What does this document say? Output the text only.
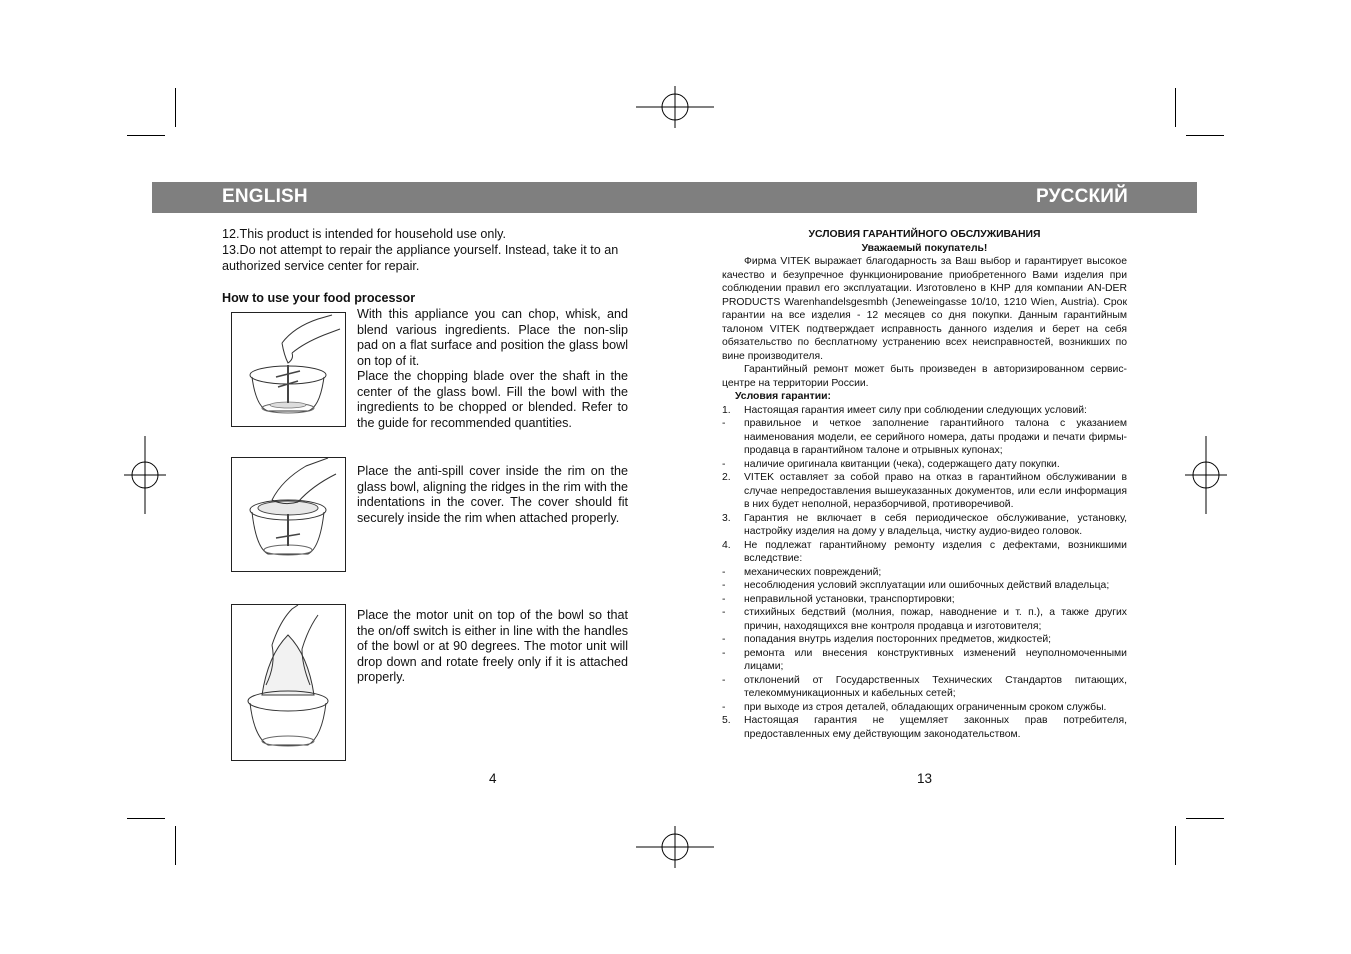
ENGLISH	РУССКИЙ

12.This product is intended for household use only.

13.Do not attempt to repair the appliance yourself. Instead, take it to an authorized service center for repair.

How to use your food processor

With this appliance you can chop, whisk, and blend various ingredients. Place the non-slip pad on a flat surface and position the glass bowl on top of it.

Place the chopping blade over the shaft in the center of the glass bowl. Fill the bowl with the ingredients to be chopped or blended. Refer to the guide for recommended quantities.

Place the anti-spill cover inside the rim on the glass bowl, aligning the ridges in the rim with the indentations in the cover. The cover should fit securely inside the rim when attached properly.

Place the motor unit on top of the bowl so that the on/off switch is either in line with the handles of the bowl or at 90 degrees. The motor unit will drop down and rotate freely only if it is attached properly.

4

УСЛОВИЯ ГАРАНТИЙНОГО ОБСЛУЖИВАНИЯ

Уважаемый покупатель!

Фирма VITEK выражает благодарность за Ваш выбор и гарантирует высокое качество и безупречное функционирование приобретенного Вами изделия при соблюдении правил его эксплуатации. Изготовлено в КНР для компании AN-DER PRODUCTS Warenhandelsgesmbh (Jeneweingasse 10/10, 1210 Wien, Austria). Срок гарантии на все изделия - 12 месяцев со дня покупки. Данным гарантийным талоном VITEK подтверждает исправность данного изделия и берет на себя обязательство по бесплатному устранению всех неисправностей, возникших по вине производителя.

Гарантийный ремонт может быть произведен в авторизированном сервис-центре на территории России.

Условия гарантии:

1.	Настоящая гарантия имеет силу при соблюдении следующих условий:
-	правильное и четкое заполнение гарантийного талона с указанием наименования модели, ее серийного номера, даты продажи и печати фирмы-продавца в гарантийном талоне и отрывных купонах;
-	наличие оригинала квитанции (чека), содержащего дату покупки.
2.	VITEK оставляет за собой право на отказ в гарантийном обслуживании в случае непредоставления вышеуказанных документов, или если информация в них будет неполной, неразборчивой, противоречивой.
3.	Гарантия не включает в себя периодическое обслуживание, установку, настройку изделия на дому у владельца, чистку аудио-видео головок.
4.	Не подлежат гарантийному ремонту изделия с дефектами, возникшими вследствие:
-	механических повреждений;
-	несоблюдения условий эксплуатации или ошибочных действий владельца;
-	неправильной установки, транспортировки;
-	стихийных бедствий (молния, пожар, наводнение и т. п.), а также других причин, находящихся вне контроля продавца и изготовителя;
-	попадания внутрь изделия посторонних предметов, жидкостей;
-	ремонта или внесения конструктивных изменений неуполномоченными лицами;
-	отклонений от Государственных Технических Стандартов питающих, телекоммуникационных и кабельных сетей;
-	при выходе из строя деталей, обладающих ограниченным сроком службы.
5.	Настоящая гарантия не ущемляет законных прав потребителя, предоставленных ему действующим законодательством.
13
